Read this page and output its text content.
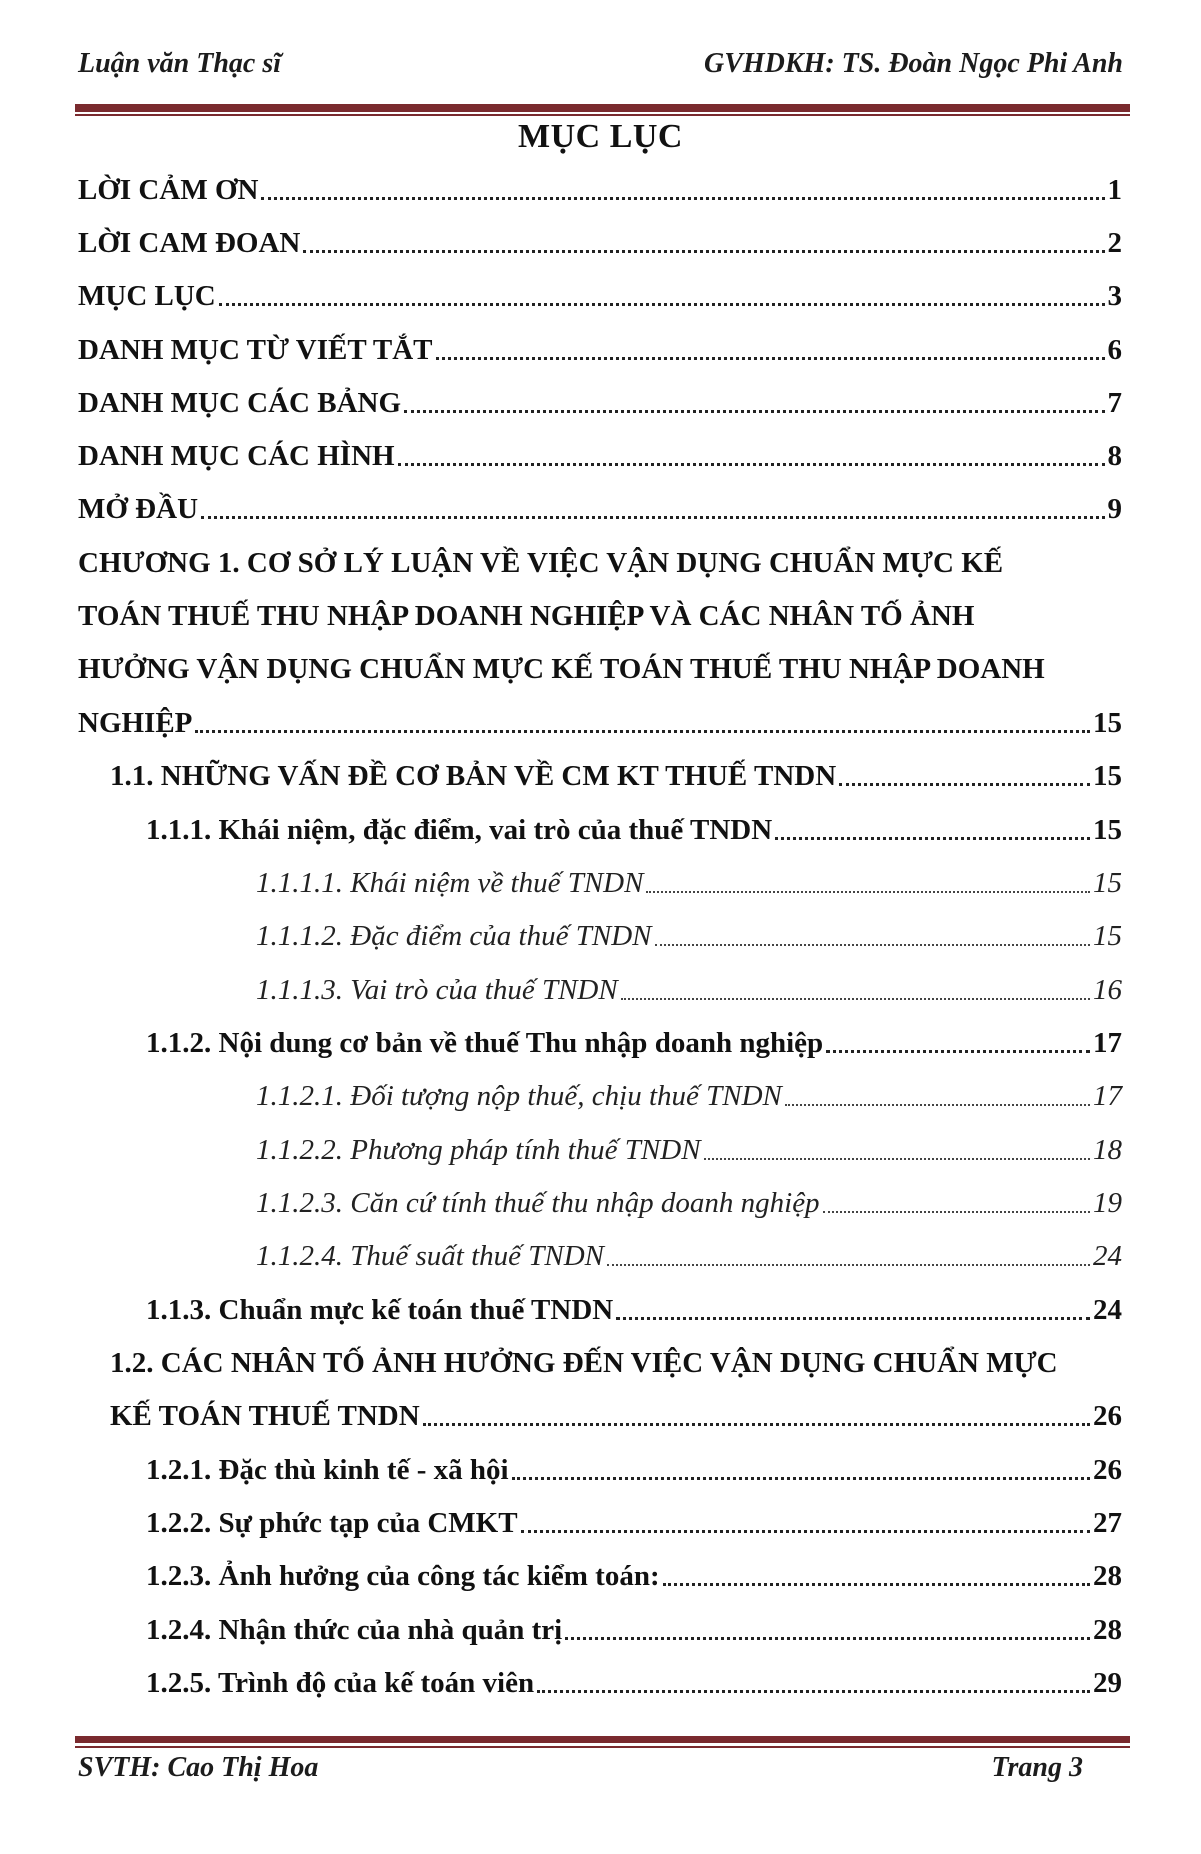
Luận văn Thạc sĩ	GVHDKH: TS. Đoàn Ngọc Phi Anh
MỤC LỤC
LỜI CẢM ƠN	1
LỜI CAM ĐOAN	2
MỤC LỤC	3
DANH MỤC TỪ VIẾT TẮT	6
DANH MỤC CÁC BẢNG	7
DANH MỤC CÁC HÌNH	8
MỞ ĐẦU	9
CHƯƠNG 1. CƠ SỞ LÝ LUẬN VỀ VIỆC VẬN DỤNG CHUẨN MỰC KẾ
TOÁN THUẾ THU NHẬP DOANH NGHIỆP VÀ CÁC NHÂN TỐ ẢNH
HƯỞNG VẬN DỤNG CHUẨN MỰC KẾ TOÁN THUẾ THU NHẬP DOANH
NGHIỆP	15
1.1. NHỮNG VẤN ĐỀ CƠ BẢN VỀ CM KT THUẾ TNDN	15
1.1.1. Khái niệm, đặc điểm, vai trò của thuế TNDN	15
1.1.1.1. Khái niệm về thuế TNDN	15
1.1.1.2. Đặc điểm của thuế TNDN	15
1.1.1.3. Vai trò của thuế TNDN	16
1.1.2. Nội dung cơ bản về thuế Thu nhập doanh nghiệp	17
1.1.2.1. Đối tượng nộp thuế, chịu thuế TNDN	17
1.1.2.2. Phương pháp tính thuế TNDN	18
1.1.2.3. Căn cứ tính thuế thu nhập doanh nghiệp	19
1.1.2.4. Thuế suất thuế TNDN	24
1.1.3. Chuẩn mực kế toán thuế TNDN	24
1.2. CÁC NHÂN TỐ ẢNH HƯỞNG ĐẾN VIỆC VẬN DỤNG CHUẨN MỰC
KẾ TOÁN THUẾ TNDN	26
1.2.1. Đặc thù kinh tế - xã hội	26
1.2.2. Sự phức tạp của CMKT	27
1.2.3. Ảnh hưởng của công tác kiểm toán:	28
1.2.4. Nhận thức của nhà quản trị	28
1.2.5. Trình độ của kế toán viên	29
SVTH: Cao Thị Hoa	Trang 3
